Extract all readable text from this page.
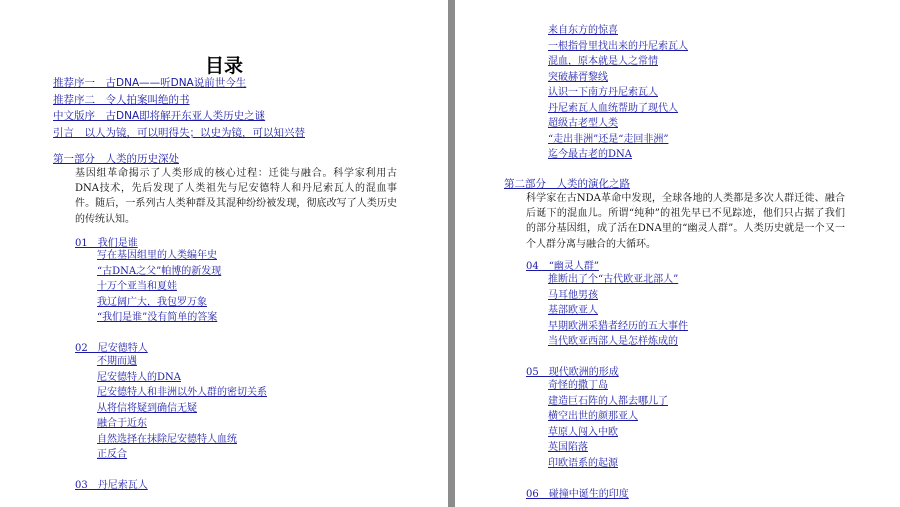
目录
推荐序一　古DNA——听DNA说前世今生
推荐序二　令人拍案叫绝的书
中文版序　古DNA即将解开东亚人类历史之谜
引言　以人为镜，可以明得失；以史为镜，可以知兴替
第一部分　人类的历史深处
基因组革命揭示了人类形成的核心过程：迁徙与融合。科学家利用古DNA技术，先后发现了人类祖先与尼安德特人和丹尼索瓦人的混血事件。随后，一系列古人类种群及其混种纷纷被发现，彻底改写了人类历史的传统认知。
01　我们是谁
写在基因组里的人类编年史
“古DNA之父”帕博的新发现
十万个亚当和夏娃
我辽阔广大，我包罗万象
“我们是谁”没有简单的答案
02　尼安德特人
不期而遇
尼安德特人的DNA
尼安德特人和非洲以外人群的密切关系
从将信将疑到确信无疑
融合于近东
自然选择在抹除尼安德特人血统
正反合
03　丹尼索瓦人
来自东方的惊喜
一根指骨里找出来的丹尼索瓦人
混血，原本就是人之常情
突破赫胥黎线
认识一下南方丹尼索瓦人
丹尼索瓦人血统帮助了现代人
超级古老型人类
“走出非洲”还是“走回非洲”
迄今最古老的DNA
第二部分　人类的演化之路
科学家在古NDA革命中发现，全球各地的人类都是多次人群迁徙、融合后诞下的混血儿。所谓“纯种”的祖先早已不见踪迹，他们只占据了我们的部分基因组，成了活在DNA里的“幽灵人群”。人类历史就是一个又一个人群分离与融合的大循环。
04　“幽灵人群”
推断出了个“古代欧亚北部人”
马耳他男孩
基部欧亚人
早期欧洲采猎者经历的五大事件
当代欧亚西部人是怎样炼成的
05　现代欧洲的形成
奇怪的撒丁岛
建造巨石阵的人都去哪儿了
横空出世的颜那亚人
草原人闯入中欧
英国陷落
印欧语系的起源
06　碰撞中诞生的印度
